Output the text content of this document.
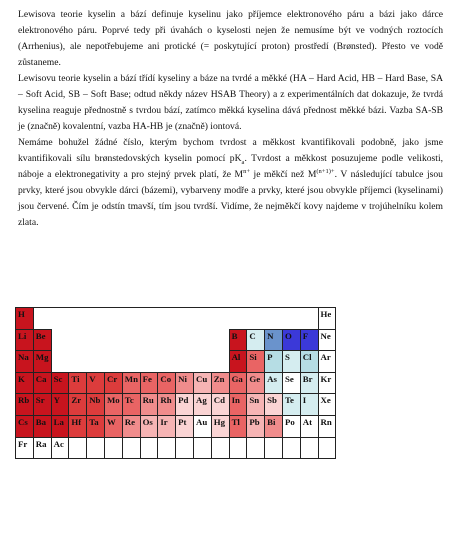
Lewisova teorie kyselin a bází definuje kyselinu jako příjemce elektronového páru a bázi jako dárce elektronového páru. Poprvé tedy při úvahách o kyselosti nejen že nemusíme být ve vodných roztocích (Arrhenius), ale nepotřebujeme ani protické (= poskytující proton) prostředí (Brønsted). Přesto ve vodě zůstaneme.

Lewisovu teorie kyselin a bází třídí kyseliny a báze na tvrdé a měkké (HA – Hard Acid, HB – Hard Base, SA – Soft Acid, SB – Soft Base; odtud někdy název HSAB Theory) a z experimentálních dat dokazuje, že tvrdá kyselina reaguje přednostně s tvrdou bází, zatímco měkká kyselina dává přednost měkké bázi. Vazba SA-SB je (značně) kovalentní, vazba HA-HB je (značně) iontová.

Nemáme bohužel žádné číslo, kterým bychom tvrdost a měkkost kvantifikovali podobně, jako jsme kvantifikovali sílu brønstedovských kyselin pomocí $pK_a$. Tvrdost a měkkost posuzujeme podle velikosti, náboje a elektronegativity a pro stejný prvek platí, že $M^{n+}$ je měkčí než $M^{(n+1)+}$. V následující tabulce jsou prvky, které jsou obvykle dárci (bázemi), vybarveny modře a prvky, které jsou obvykle příjemci (kyselinami) jsou červené. Čím je odstín tmavší, tím jsou tvrdší. Vidíme, že nejměkčí kovy najdeme v trojúhelníku kolem zlata.

H																	He
Li	Be											B	C	N	O	F	Ne
Na	Mg											Al	Si	P	S	Cl	Ar
K	Ca	Sc	Ti	V	Cr	Mn	Fe	Co	Ni	Cu	Zn	Ga	Ge	As	Se	Br	Kr
Rb	Sr	Y	Zr	Nb	Mo	Tc	Ru	Rh	Pd	Ag	Cd	In	Sn	Sb	Te	I	Xe
Cs	Ba	La	Hf	Ta	W	Re	Os	Ir	Pt	Au	Hg	Tl	Pb	Bi	Po	At	Rn
Fr	Ra	Ac															
